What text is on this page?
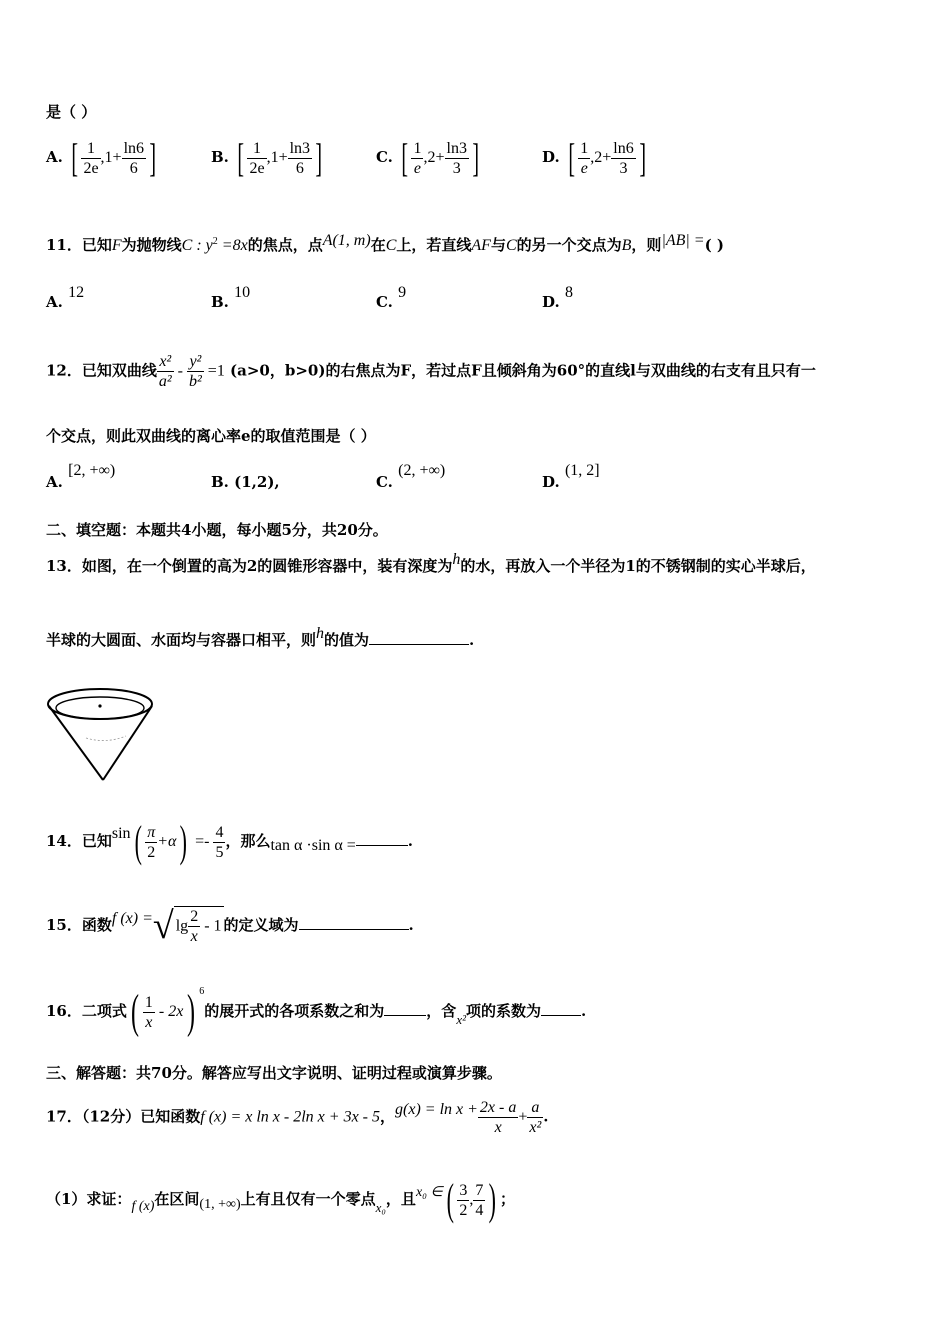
是（ ）
A. [ $\frac{1}{2e} ,1+ \frac{\ln 6}{6}$ ]	B. [ $\frac{1}{2e} ,1+ \frac{\ln 3}{6}$ ]	C. [ $\frac{1}{e} ,2+ \frac{\ln 3}{3}$ ]	D. [ $\frac{1}{e} ,2+ \frac{\ln 6}{3}$ ]
11．已知F为抛物线C : $y^2 =8x$的焦点，点A(1, m)在C上，若直线AF与C的另一个交点为B，则|AB| =( )
A. 12
B. 10
C. 9
D. 8
12．已知双曲线 $\frac{\text{x²}}{\text{a²}} - \frac{\text{y²}}{\text{b²}} =1$ (a>0，b>0)的右焦点为F，若过点F且倾斜角为60°的直线l与双曲线的右支有且只有一
个交点，则此双曲线的离心率e的取值范围是（ ）
A. [2, +∞)
B. (1,2),	C. (2, +∞)
D. (1, 2]
二、填空题：本题共4小题，每小题5分，共20分。
13．如图，在一个倒置的高为2的圆锥形容器中，装有深度为h的水，再放入一个半径为1的不锈钢制的实心半球后，
半球的大圆面、水面均与容器口相平，则h的值为	.
14．已知$\sin( \frac{\pi}{2} +\alpha) =- \frac{4}{5}$ ，那么tan α ·sin α =	.
15．函数f (x) =√ $\lg \frac{2}{x} - 1$ 的定义域为	.
16．二项式( $\frac{1}{x} - 2x$) $^6$的展开式的各项系数之和为	，含x²项的系数为	.
三、解答题：共70分。解答应写出文字说明、证明过程或演算步骤。
17．（12分）已知函数f (x) = x ln x - 2ln x + 3x - 5，$g(x) = \ln x + \frac{2x - a}{x} + \frac{a}{\text{x²}}$ .
（1）求证：f (x)在区间(1, +∞)上有且仅有一个零点x₀，且x₀ ∈( $\frac{3}{2}$ , $\frac{7}{4}$ ) ；
